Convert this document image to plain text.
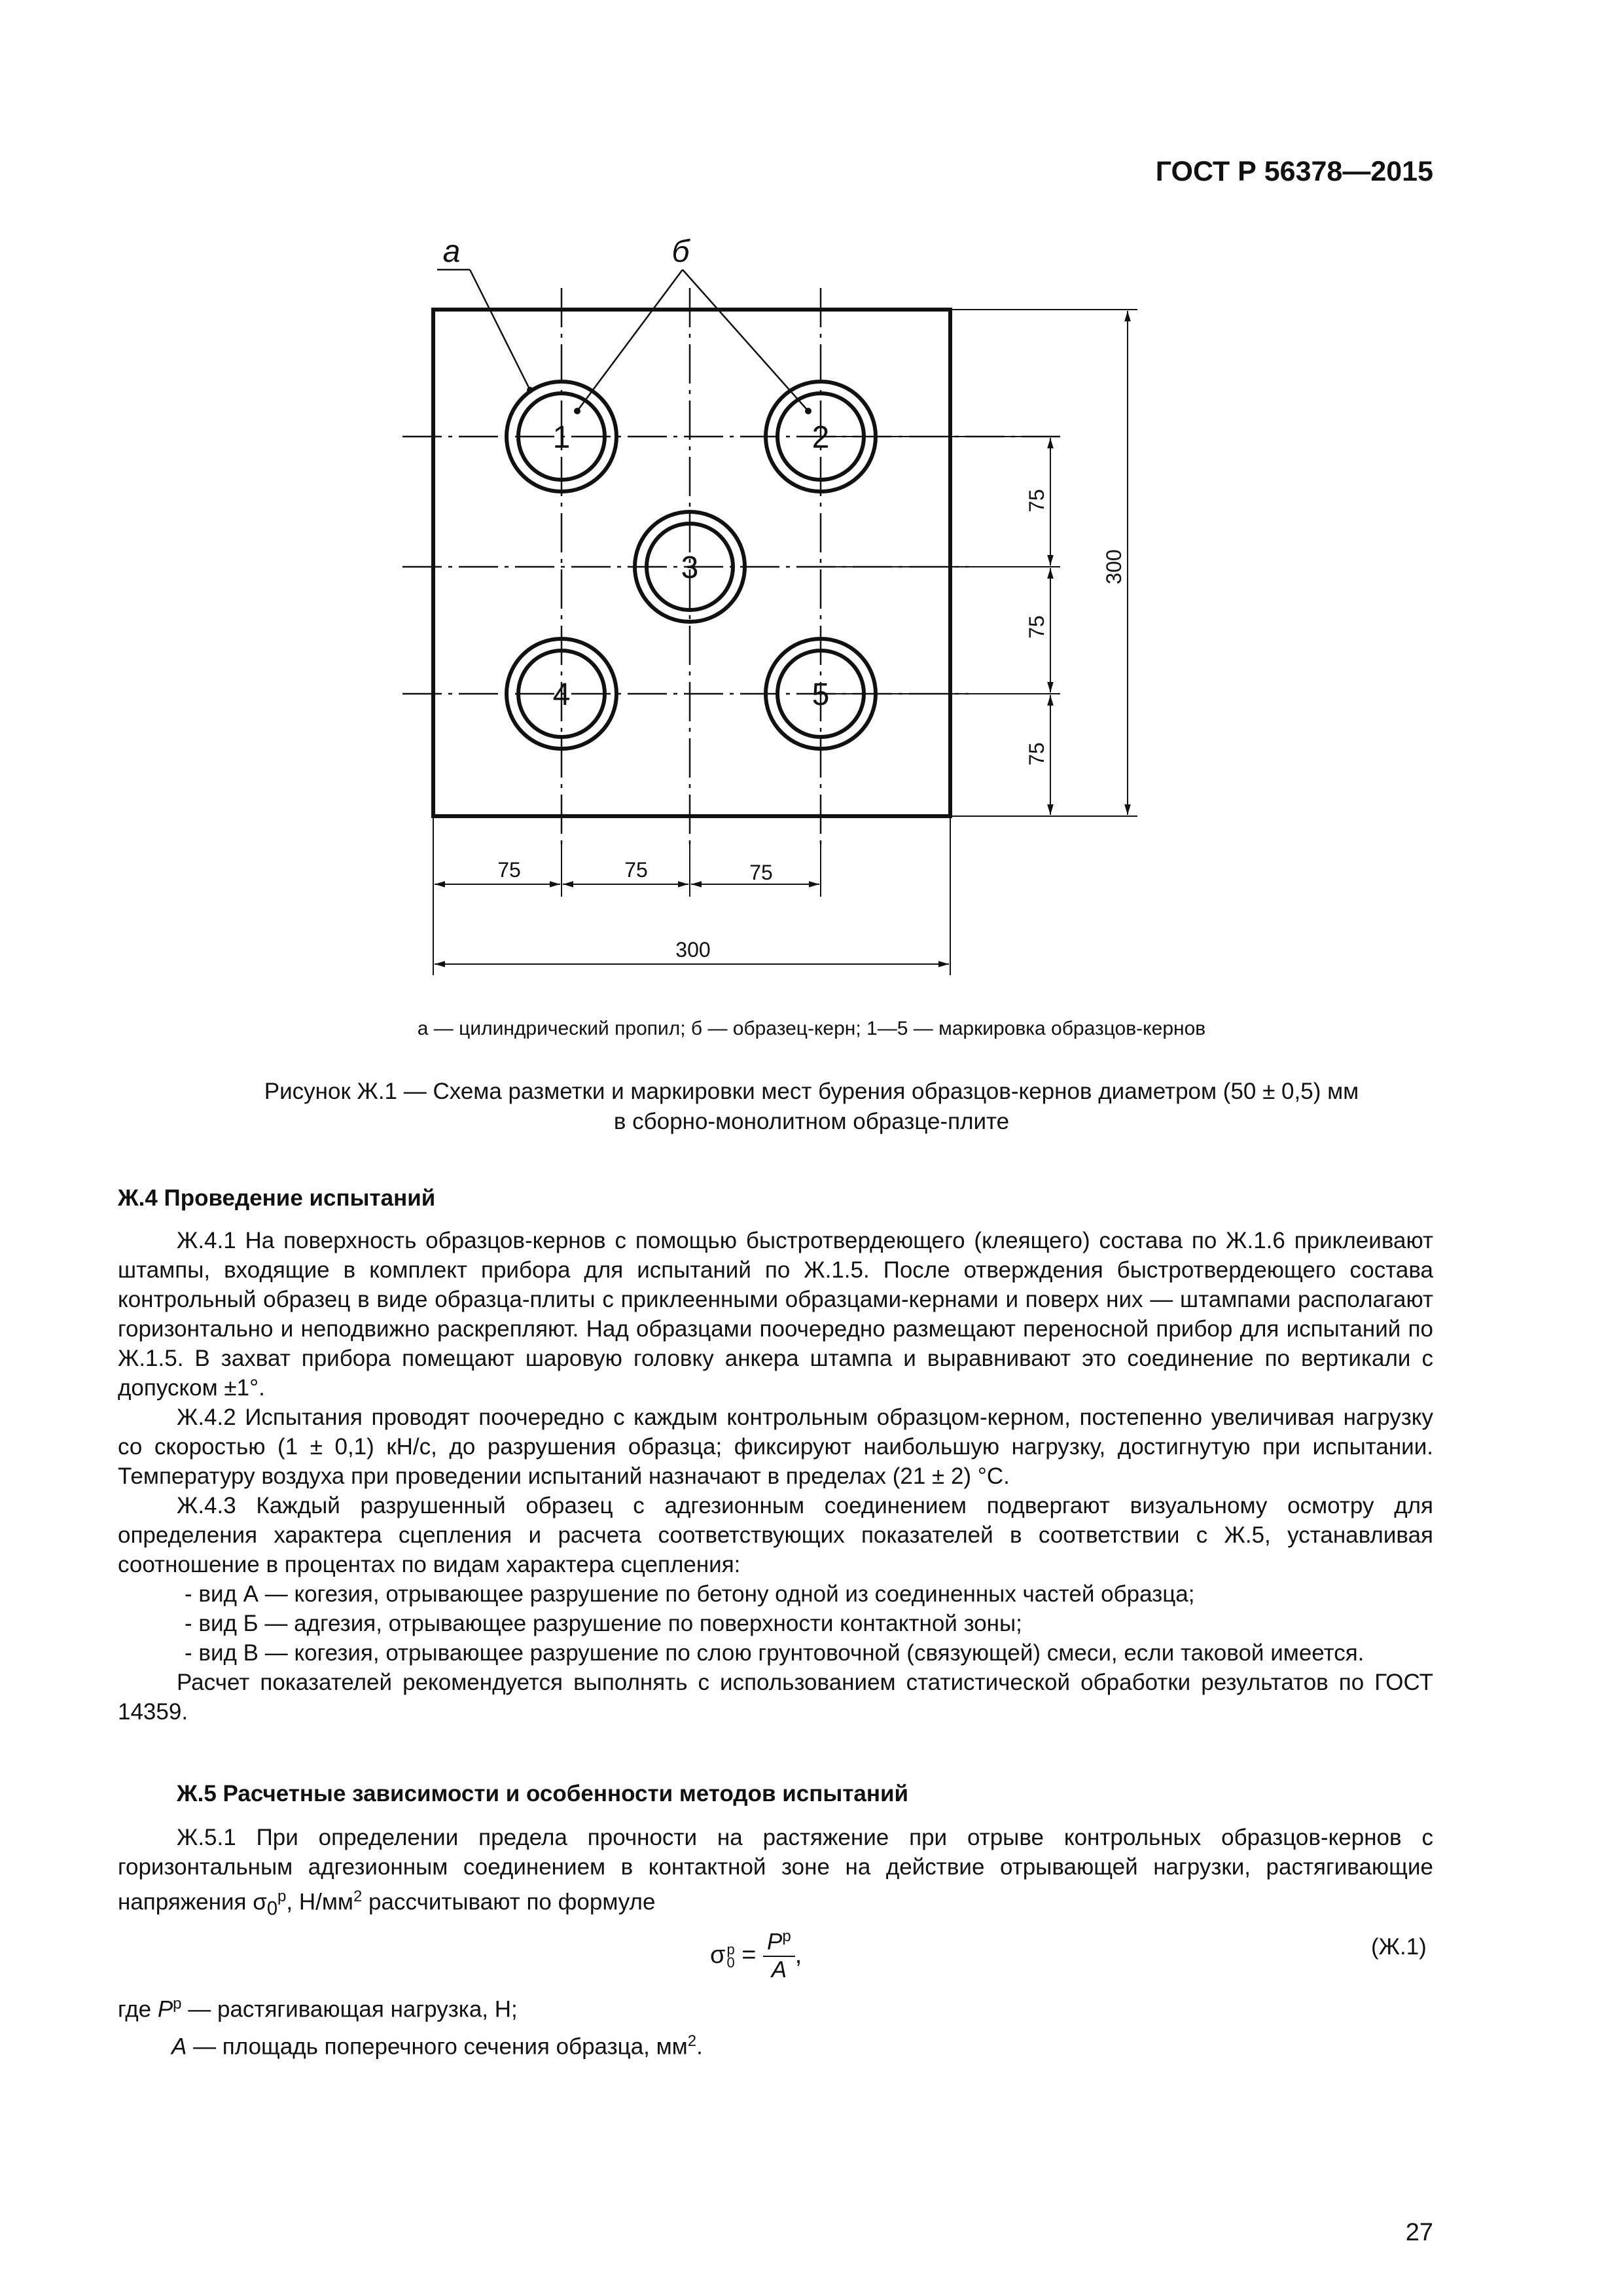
ГОСТ Р 56378—2015
а	б
1	2
3
4	5
75	75	75
300
75
75
75
300
а — цилиндрический пропил; б — образец-керн; 1—5 — маркировка образцов-кернов
Рисунок Ж.1 — Схема разметки и маркировки мест бурения образцов-кернов диаметром (50 ± 0,5) мм
в сборно-монолитном образце-плите

Ж.4 Проведение испытаний

Ж.4.1 На поверхность образцов-кернов с помощью быстротвердеющего (клеящего) состава по Ж.1.6 приклеивают штампы, входящие в комплект прибора для испытаний по Ж.1.5. После отверждения быстротвердеющего состава контрольный образец в виде образца-плиты с приклеенными образцами-кернами и поверх них — штампами располагают горизонтально и неподвижно раскрепляют. Над образцами поочередно размещают переносной прибор для испытаний по Ж.1.5. В захват прибора помещают шаровую головку анкера штампа и выравнивают это соединение по вертикали с допуском ±1°.

Ж.4.2 Испытания проводят поочередно с каждым контрольным образцом-керном, постепенно увеличивая нагрузку со скоростью (1 ± 0,1) кН/с, до разрушения образца; фиксируют наибольшую нагрузку, достигнутую при испытании. Температуру воздуха при проведении испытаний назначают в пределах (21 ± 2) °С.

Ж.4.3 Каждый разрушенный образец с адгезионным соединением подвергают визуальному осмотру для определения характера сцепления и расчета соответствующих показателей в соответствии с Ж.5, устанавливая соотношение в процентах по видам характера сцепления:

- вид А — когезия, отрывающее разрушение по бетону одной из соединенных частей образца;

- вид Б — адгезия, отрывающее разрушение по поверхности контактной зоны;

- вид В — когезия, отрывающее разрушение по слою грунтовочной (связующей) смеси, если таковой имеется.

Расчет показателей рекомендуется выполнять с использованием статистической обработки результатов по ГОСТ 14359.

Ж.5 Расчетные зависимости и особенности методов испытаний

Ж.5.1 При определении предела прочности на растяжение при отрыве контрольных образцов-кернов с горизонтальным адгезионным соединением в контактной зоне на действие отрывающей нагрузки, растягивающие напряжения $\sigma_0^р$, $Н/мм^2$ рассчитывают по формуле

σ р
$0 = P^р$
A
,	(Ж.1)

где $P^р$ — растягивающая нагрузка, Н;

A — площадь поперечного сечения образца, $мм^2$.

27
